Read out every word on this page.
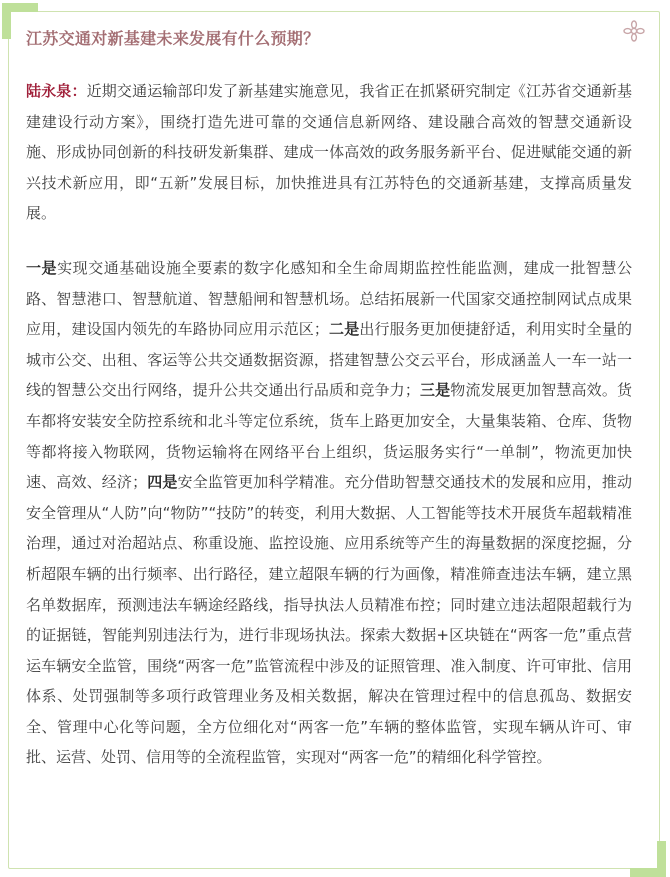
江苏交通对新基建未来发展有什么预期？

陆永泉：近期交通运输部印发了新基建实施意见，我省正在抓紧研究制定《江苏省交通新基建建设行动方案》，围绕打造先进可靠的交通信息新网络、建设融合高效的智慧交通新设施、形成协同创新的科技研发新集群、建成一体高效的政务服务新平台、促进赋能交通的新兴技术新应用，即“五新”发展目标，加快推进具有江苏特色的交通新基建，支撑高质量发展。

一是实现交通基础设施全要素的数字化感知和全生命周期监控性能监测，建成一批智慧公路、智慧港口、智慧航道、智慧船闸和智慧机场。总结拓展新一代国家交通控制网试点成果应用，建设国内领先的车路协同应用示范区；二是出行服务更加便捷舒适，利用实时全量的城市公交、出租、客运等公共交通数据资源，搭建智慧公交云平台，形成涵盖人一车一站一线的智慧公交出行网络，提升公共交通出行品质和竞争力；三是物流发展更加智慧高效。货车都将安装安全防控系统和北斗等定位系统，货车上路更加安全，大量集装箱、仓库、货物等都将接入物联网，货物运输将在网络平台上组织，货运服务实行“一单制”，物流更加快速、高效、经济；四是安全监管更加科学精准。充分借助智慧交通技术的发展和应用，推动安全管理从“人防”向“物防”“技防”的转变，利用大数据、人工智能等技术开展货车超载精准治理，通过对治超站点、称重设施、监控设施、应用系统等产生的海量数据的深度挖掘，分析超限车辆的出行频率、出行路径，建立超限车辆的行为画像，精准筛查违法车辆，建立黑名单数据库，预测违法车辆途经路线，指导执法人员精准布控；同时建立违法超限超载行为的证据链，智能判别违法行为，进行非现场执法。探索大数据+区块链在“两客一危”重点营运车辆安全监管，围绕“两客一危”监管流程中涉及的证照管理、准入制度、许可审批、信用体系、处罚强制等多项行政管理业务及相关数据，解决在管理过程中的信息孤岛、数据安全、管理中心化等问题，全方位细化对“两客一危”车辆的整体监管，实现车辆从许可、审批、运营、处罚、信用等的全流程监管，实现对“两客一危”的精细化科学管控。
